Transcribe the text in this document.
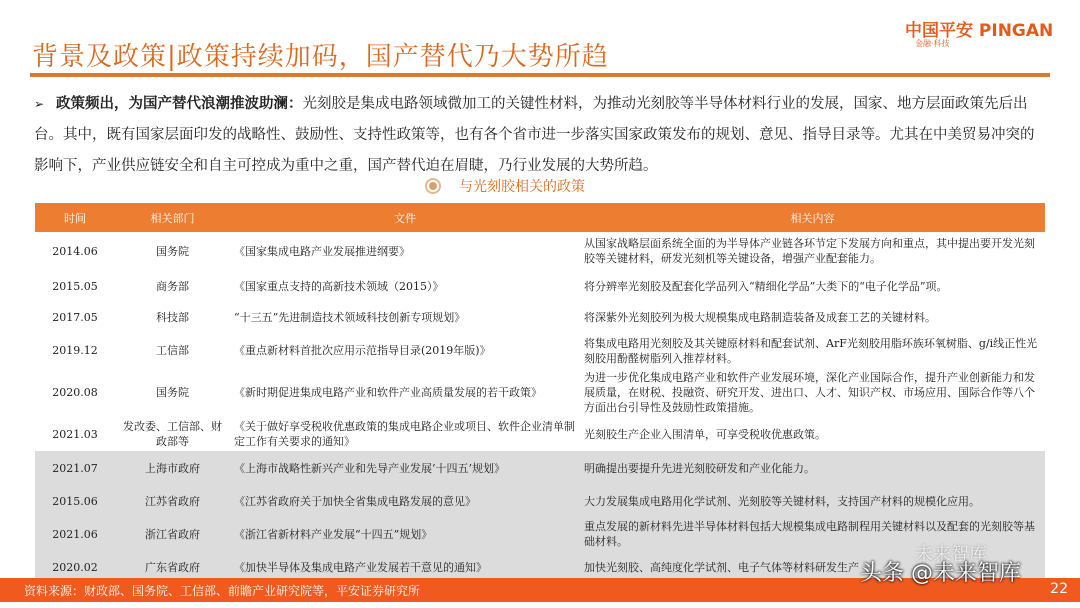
中国平安 PINGAN
金融·科技
背景及政策|政策持续加码，国产替代乃大势所趋
➢ 政策频出，为国产替代浪潮推波助澜：光刻胶是集成电路领域微加工的关键性材料，为推动光刻胶等半导体材料行业的发展，国家、地方层面政策先后出台。其中，既有国家层面印发的战略性、鼓励性、支持性政策等，也有各个省市进一步落实国家政策发布的规划、意见、指导目录等。尤其在中美贸易冲突的影响下，产业供应链安全和自主可控成为重中之重，国产替代迫在眉睫，乃行业发展的大势所趋。
与光刻胶相关的政策
时间	相关部门	文件	相关内容
2014.06	国务院	《国家集成电路产业发展推进纲要》	从国家战略层面系统全面的为半导体产业链各环节定下发展方向和重点，其中提出要开发光刻胶等关键材料，研发光刻机等关键设备，增强产业配套能力。
2015.05	商务部	《国家重点支持的高新技术领域（2015）》	将分辨率光刻胶及配套化学品列入“精细化学品”大类下的“电子化学品”项。
2017.05	科技部	“十三五”先进制造技术领域科技创新专项规划》	将深紫外光刻胶列为极大规模集成电路制造装备及成套工艺的关键材料。
2019.12	工信部	《重点新材料首批次应用示范指导目录(2019年版)》	将集成电路用光刻胶及其关键原材料和配套试剂、ArF光刻胶用脂环族环氧树脂、g/i线正性光刻胶用酚醛树脂列入推荐材料。
2020.08	国务院	《新时期促进集成电路产业和软件产业高质量发展的若干政策》	为进一步优化集成电路产业和软件产业发展环境，深化产业国际合作，提升产业创新能力和发展质量，在财税、投融资、研究开发、进出口、人才、知识产权、市场应用、国际合作等八个方面出台引导性及鼓励性政策措施。
2021.03	发改委、工信部、财政部等	《关于做好享受税收优惠政策的集成电路企业或项目、软件企业清单制定工作有关要求的通知》	光刻胶生产企业入围清单，可享受税收优惠政策。
2021.07	上海市政府	《上海市战略性新兴产业和先导产业发展‘十四五’规划》	明确提出要提升先进光刻胶研发和产业化能力。
2015.06	江苏省政府	《江苏省政府关于加快全省集成电路发展的意见》	大力发展集成电路用化学试剂、光刻胶等关键材料，支持国产材料的规模化应用。
2021.06	浙江省政府	《浙江省新材料产业发展“十四五”规划》	重点发展的新材料先进半导体材料包括大规模集成电路制程用关键材料以及配套的光刻胶等基础材料。
2020.02	广东省政府	《加快半导体及集成电路产业发展若干意见的通知》	加快光刻胶、高纯度化学试剂、电子气体等材料研发生产
未来智库
资料来源：财政部、国务院、工信部、前瞻产业研究院等，平安证券研究所	22
头条 @未来智库
